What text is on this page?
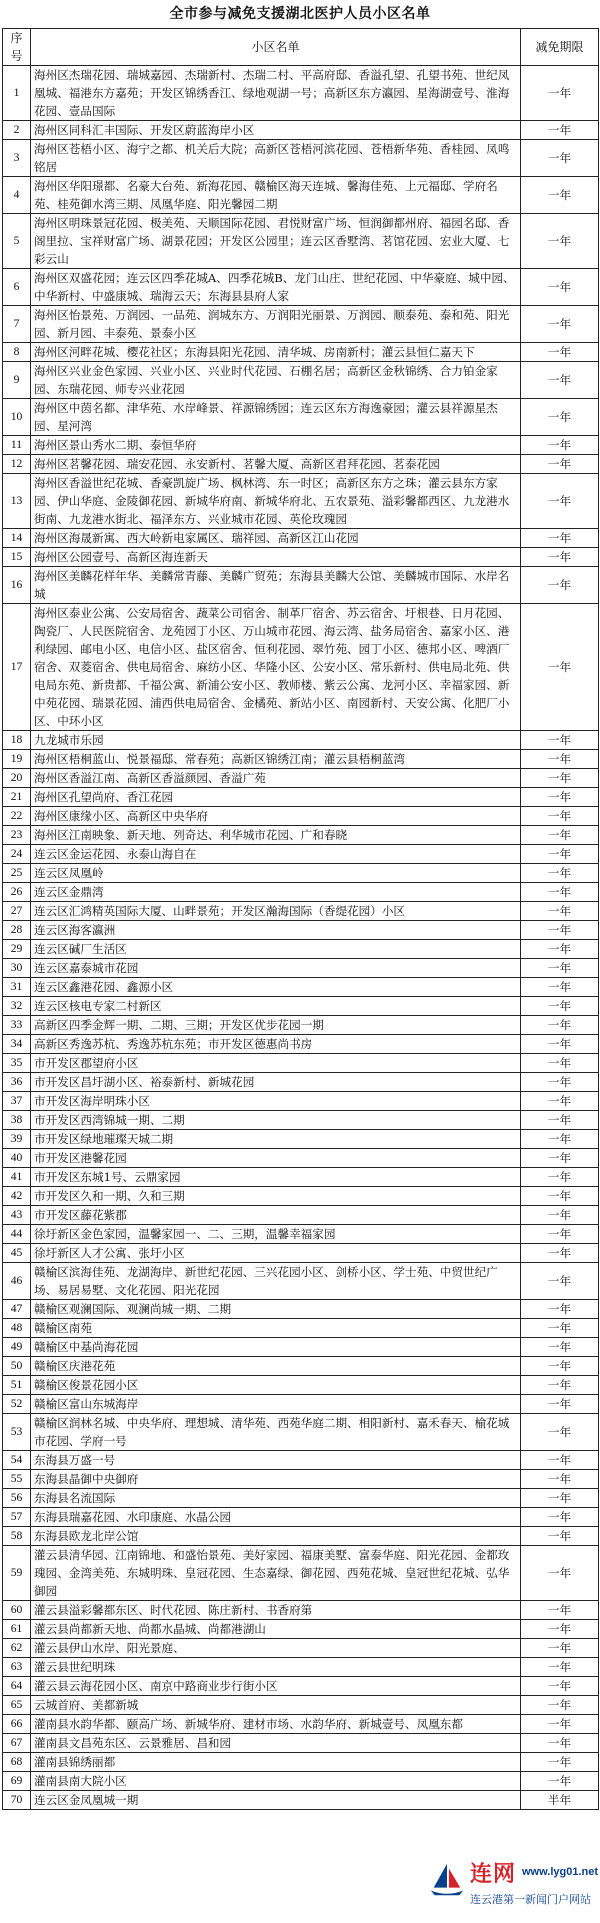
全市参与减免支援湖北医护人员小区名单
序号	小区名单	减免期限
1	海州区杰瑞花园、瑞城嘉园、杰瑞新村、杰瑞二村、平高府邸、香溢孔望、孔望书苑、世纪凤凰城、福港东方嘉苑；开发区锦绣香江、绿地观湖一号；高新区东方瀛园、星海湖壹号、淮海花园、壹品国际	一年
2	海州区同科汇丰国际、开发区蔚蓝海岸小区	一年
3	海州区苍梧小区、海宁之都、机关后大院；高新区苍梧河滨花园、苍梧新华苑、香桂园、凤鸣铭居	一年
4	海州区华阳璟都、名豪大台苑、新海花园、赣榆区海天连城、馨海佳苑、上元福邸、学府名苑、桂苑御水湾三期、凤凰华庭、阳光馨园二期	一年
5	海州区明珠景冠花园、极美苑、天顺国际花园、君悦财富广场、恒润御都州府、福园名邸、香阁里拉、宝祥财富广场、湖景花园；开发区公园里；连云区香墅湾、茗馆花园、宏业大厦、七彩云山	一年
6	海州区双盛花园；连云区四季花城A、四季花城B、龙门山庄、世纪花园、中华豪庭、城中园、中华新村、中盛康城、瑞海云天；东海县县府人家	一年
7	海州区怡景苑、万润园、一品苑、润城东方、万润阳光丽景、万润园、顺泰苑、泰和苑、阳光园、新月园、丰泰苑、景泰小区	一年
8	海州区河畔花城、樱花社区；东海县阳光花园、清华城、房南新村；灌云县恒仁嘉天下	一年
9	海州区兴业金色家园、兴业小区、兴业时代花园、石棚名居；高新区金秋锦绣、合力铂金家园、东瑞花园、师专兴业花园	一年
10	海州区中茵名都、津华苑、水岸峰景、祥源锦绣园；连云区东方海逸豪园；灌云县祥源星杰园、星河湾	一年
11	海州区景山秀水二期、泰恒华府	一年
12	海州区茗馨花园、瑞安花园、永安新村、茗馨大厦、高新区君拜花园、茗泰花园	一年
13	海州区香溢世纪花城、香豪凯旋广场、枫林湾、东一时区；高新区东方之珠；灌云县东方家园、伊山华庭、金陵御花园、新城华府南、新城华府北、五农景苑、溢彩馨都西区、九龙港水街南、九龙港水街北、福泽东方、兴业城市花园、英伦玫瑰园	一年
14	海州区海晟新寓、西大岭新电家属区、瑞祥园、高新区江山花园	一年
15	海州区公园壹号、高新区海连新天	一年
16	海州区美麟花样年华、美麟常青藤、美麟广贸苑；东海县美麟大公馆、美麟城市国际、水岸名城	一年
17	海州区泰业公寓、公安局宿舍、蔬菜公司宿舍、制革厂宿舍、苏云宿舍、圩根巷、日月花园、陶瓷厂、人民医院宿舍、龙苑园丁小区、万山城市花园、海云湾、盐务局宿舍、嘉家小区、港利绿园、邮电小区、电信小区、盐区宿舍、恒利花园、翠竹苑、园丁小区、德邦小区、啤酒厂宿舍、双菱宿舍、供电局宿舍、麻纺小区、华隆小区、公安小区、常乐新村、供电局北苑、供电局东苑、新贵都、千福公寓、新浦公安小区、教师楼、紫云公寓、龙河小区、幸福家园、新中苑花园、瑞景花园、浦西供电局宿舍、金橘苑、新站小区、南园新村、天安公寓、化肥厂小区、中环小区	一年
18	九龙城市乐园	一年
19	海州区梧桐蓝山、悦景福邸、常春苑；高新区锦绣江南；灌云县梧桐蓝湾	一年
20	海州区香溢江南、高新区香溢颜园、香溢广苑	一年
21	海州区孔望尚府、香江花园	一年
22	海州区康缘小区、高新区中央华府	一年
23	海州区江南映象、新天地、列奇达、利华城市花园、广和春晓	一年
24	连云区金运花园、永泰山海自在	一年
25	连云区凤凰岭	一年
26	连云区金鼎湾	一年
27	连云区汇鸿精英国际大厦、山畔景苑；开发区瀚海国际（香缇花园）小区	一年
28	连云区海客瀛洲	一年
29	连云区碱厂生活区	一年
30	连云区嘉泰城市花园	一年
31	连云区鑫港花园、鑫源小区	一年
32	连云区核电专家二村新区	一年
33	高新区四季金辉一期、二期、三期；开发区优步花园一期	一年
34	高新区秀逸苏杭、秀逸苏杭东苑；市开发区德惠尚书房	一年
35	市开发区郡望府小区	一年
36	市开发区昌圩湖小区、裕泰新村、新城花园	一年
37	市开发区海岸明珠小区	一年
38	市开发区西湾锦城一期、二期	一年
39	市开发区绿地璀璨天城二期	一年
40	市开发区港馨花园	一年
41	市开发区东城1号、云鼎家园	一年
42	市开发区久和一期、久和三期	一年
43	市开发区藤花紫郡	一年
44	徐圩新区金色家园，温馨家园一、二、三期，温馨幸福家园	一年
45	徐圩新区人才公寓、张圩小区	一年
46	赣榆区滨海佳苑、龙湖海岸、新世纪花园、三兴花园小区、剑桥小区、学士苑、中贸世纪广场、易居易墅、文化花园、阳光花园	一年
47	赣榆区观澜国际、观澜尚城一期、二期	一年
48	赣榆区南苑	一年
49	赣榆区中基尚海花园	一年
50	赣榆区庆港花苑	一年
51	赣榆区俊景花园小区	一年
52	赣榆区富山东城海岸	一年
53	赣榆区润林名城、中央华府、理想城、清华苑、西苑华庭二期、相阳新村、嘉禾春天、榆花城市花园、学府一号	一年
54	东海县万盛一号	一年
55	东海县晶御中央御府	一年
56	东海县名流国际	一年
57	东海县瑞嘉花园、水印康庭、水晶公园	一年
58	东海县欧龙北岸公馆	一年
59	灌云县清华园、江南锦地、和盛怡景苑、美好家园、福康美墅、富泰华庭、阳光花园、金都玫瑰园、金湾美苑、东城明珠、皇冠花园、生态嘉绿、御花园、西苑花城、皇冠世纪花城、弘华御园	一年
60	灌云县溢彩馨都东区、时代花园、陈庄新村、书香府第	一年
61	灌云县尚都新天地、尚都水晶城、尚都港湖山	一年
62	灌云县伊山水岸、阳光景庭、	一年
63	灌云县世纪明珠	一年
64	灌云县云海花园小区、南京中路商业步行街小区	一年
65	云城首府、美都新城	一年
66	灌南县水韵华都、颐高广场、新城华府、建材市场、水韵华府、新城壹号、凤凰东都	一年
67	灌南县文昌苑东区、云景雅居、昌和园	一年
68	灌南县锦绣丽都	一年
69	灌南县南大院小区	一年
70	连云区金凤凰城一期	半年
连网 www.lyg01.net
连云港第一新闻门户网站
